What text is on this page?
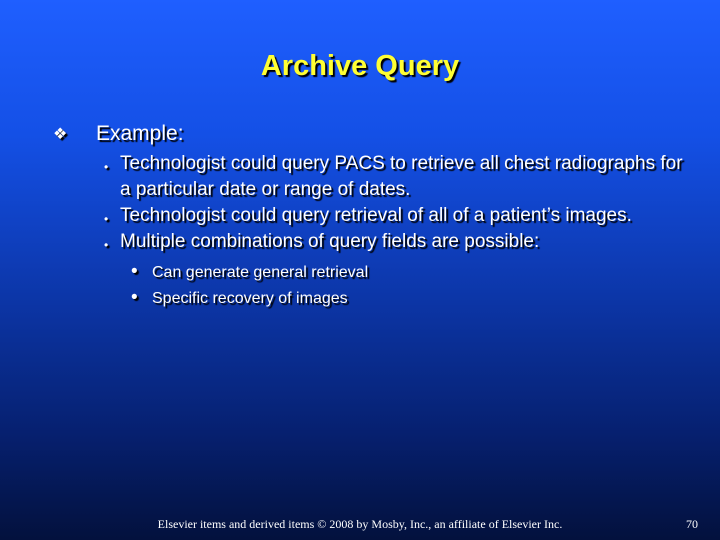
Archive Query
❖ Example:
• Technologist could query PACS to retrieve all chest radiographs for a particular date or range of dates.
• Technologist could query retrieval of all of a patient’s images.
• Multiple combinations of query fields are possible:
• Can generate general retrieval
• Specific recovery of images
Elsevier items and derived items © 2008 by Mosby, Inc., an affiliate of Elsevier Inc.	70
